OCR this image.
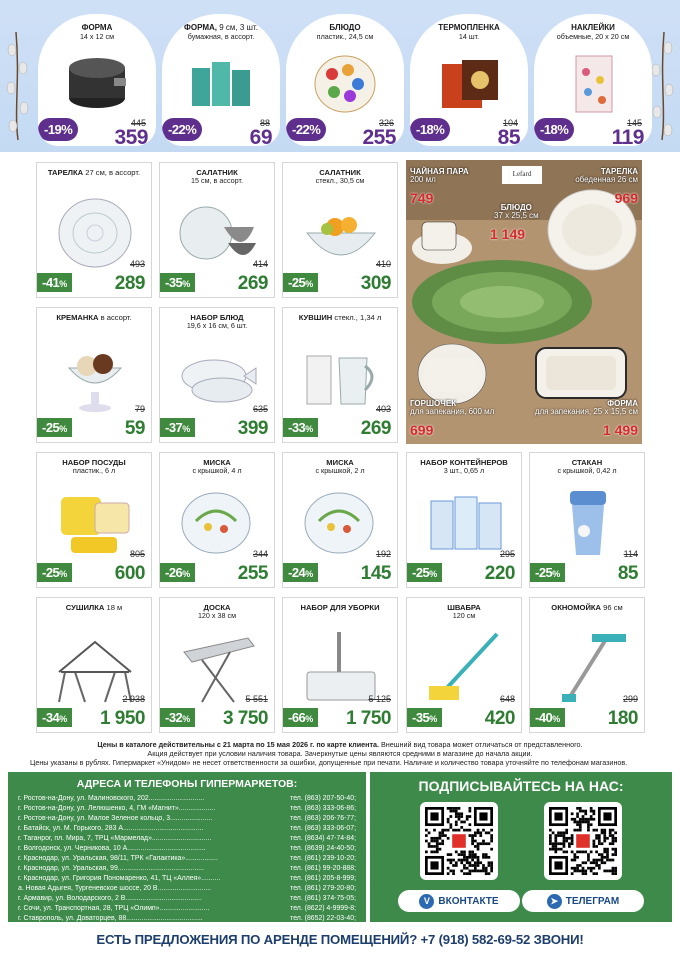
ФОРМА
14 x 12 см
-19%	445
359
ФОРМА, 9 см, 3 шт.
бумажная, в ассорт.
-22%	88
69
БЛЮДО
пластик., 24,5 см
-22%	326
255
ТЕРМОПЛЕНКА
14 шт.
-18%	104
85
НАКЛЕЙКИ
объемные, 20 x 20 см
-18%	145
119
ТАРЕЛКА 27 см, в ассорт.
-41%
493
289
САЛАТНИК
15 см, в ассорт.
-35%
414
269
САЛАТНИК
стекл., 30,5 см
-25%
410
309
КРЕМАНКА в ассорт.
-25%
79
59
НАБОР БЛЮД
19,6 x 16 см, 6 шт.
-37%
635
399
КУВШИН стекл., 1,34 л
-33%
403
269
НАБОР ПОСУДЫ
пластик., 6 л
-25%
805
600
МИСКА
с крышкой, 4 л
-26%
344
255
МИСКА
с крышкой, 2 л
-24%
192
145
НАБОР КОНТЕЙНЕРОВ
3 шт., 0,65 л
-25%
295
220
СТАКАН
с крышкой, 0,42 л
-25%
114
85
СУШИЛКА 18 м
-34%
2 938
1 950
ДОСКА
120 x 38 см
-32%
5 551
3 750
НАБОР ДЛЯ УБОРКИ
-66%
5 125
1 750
ШВАБРА
120 см
-35%
648
420
ОКНОМОЙКА 96 см
-40%
299
180
Lefard
ЧАЙНАЯ ПАРА
200 мл
749
ТАРЕЛКА
обеденная 26 см
969
БЛЮДО
37 x 25,5 см
1 149
ГОРШОЧЕК
для запекания, 600 мл
699
ФОРМА
для запекания, 25 x 15,5 см
1 499
Цены в каталоге действительны с 21 марта по 15 мая 2026 г. по карте клиента. Внешний вид товара может отличаться от представленного.
Акция действует при условии наличия товара. Зачеркнутые цены являются средними в магазине до начала акции.
Цены указаны в рублях. Гипермаркет «Унидом» не несет ответственности за ошибки, допущенные при печати. Наличие и количество товара уточняйте по телефонам магазинов.
АДРЕСА И ТЕЛЕФОНЫ ГИПЕРМАРКЕТОВ:
г. Ростов-на-Дону, ул. Малиновского, 202.............................	тел. (863) 207-50-40;
г. Ростов-на-Дону, ул. Лелюшенко, 4, ГМ «Магнит»...................	тел. (863) 333-06-86;
г. Ростов-на-Дону, ул. Малое Зеленое кольцо, 3......................	тел. (863) 206-76-77;
г. Батайск, ул. М. Горького, 283 А..........................................	тел. (863) 333-06-07;
г. Таганрог, пл. Мира, 7, ТРЦ «Мармелад»...............................	тел. (8634) 47-74-84;
г. Волгодонск, ул. Черникова, 10 А.........................................	тел. (8639) 24-40-50;
г. Краснодар, ул. Уральская, 98/11, ТРК «Галактика».................	тел. (861) 239-10-20;
г. Краснодар, ул. Уральская, 99.............................................	тел. (861) 99-20-888;
г. Краснодар, ул. Григория Пономаренко, 41, ТЦ «Аллея»..........	тел. (861) 205-8-999;
а. Новая Адыгея, Тургеневское шоссе, 20 В............................	тел. (861) 279-20-80;
г. Армавир, ул. Володарского, 2 В........................................	тел. (861) 374-75-05;
г. Сочи, ул. Транспортная, 28, ТРЦ «Олимп»..........................	тел. (8622) 4-9999-8;
г. Ставрополь, ул. Доваторцев, 88........................................	тел. (8652) 22-03-40;
г. Волжский, ул. Александрова, 8 В.....................................	тел. (8443) 20-47-57.
ПОДПИСЫВАЙТЕСЬ НА НАС:
V ВКОНТАКТЕ	➤ ТЕЛЕГРАМ
ЕСТЬ ПРЕДЛОЖЕНИЯ ПО АРЕНДЕ ПОМЕЩЕНИЙ? +7 (918) 582-69-52 ЗВОНИ!
